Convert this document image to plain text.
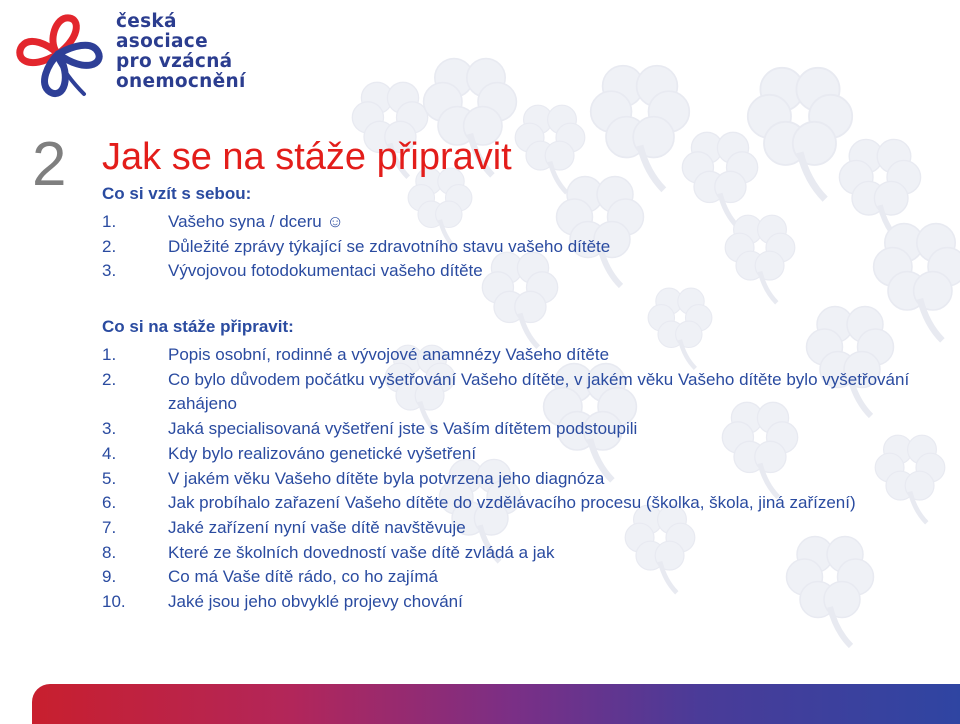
česká
asociace
pro vzácná
onemocnění
2 Jak se na stáže připravit
Co si vzít s sebou:
1.	Vašeho syna / dceru ☺
2.	Důležité zprávy týkající se zdravotního stavu vašeho dítěte
3.	Vývojovou fotodokumentaci vašeho dítěte
Co si na stáže připravit:
1.	Popis osobní, rodinné a vývojové anamnézy Vašeho dítěte
2.	Co bylo důvodem počátku vyšetřování Vašeho dítěte, v jakém věku Vašeho dítěte bylo vyšetřování zahájeno
3.	Jaká specialisovaná vyšetření jste s Vaším dítětem podstoupili
4.	Kdy bylo realizováno genetické vyšetření
5.	V jakém věku Vašeho dítěte byla potvrzena jeho diagnóza
6.	Jak probíhalo zařazení Vašeho dítěte do vzdělávacího procesu (školka, škola, jiná zařízení)
7.	Jaké zařízení nyní vaše dítě navštěvuje
8.	Které ze školních dovedností vaše dítě zvládá a jak
9.	Co má Vaše dítě rádo, co ho zajímá
10. Jaké jsou jeho obvyklé projevy chování
